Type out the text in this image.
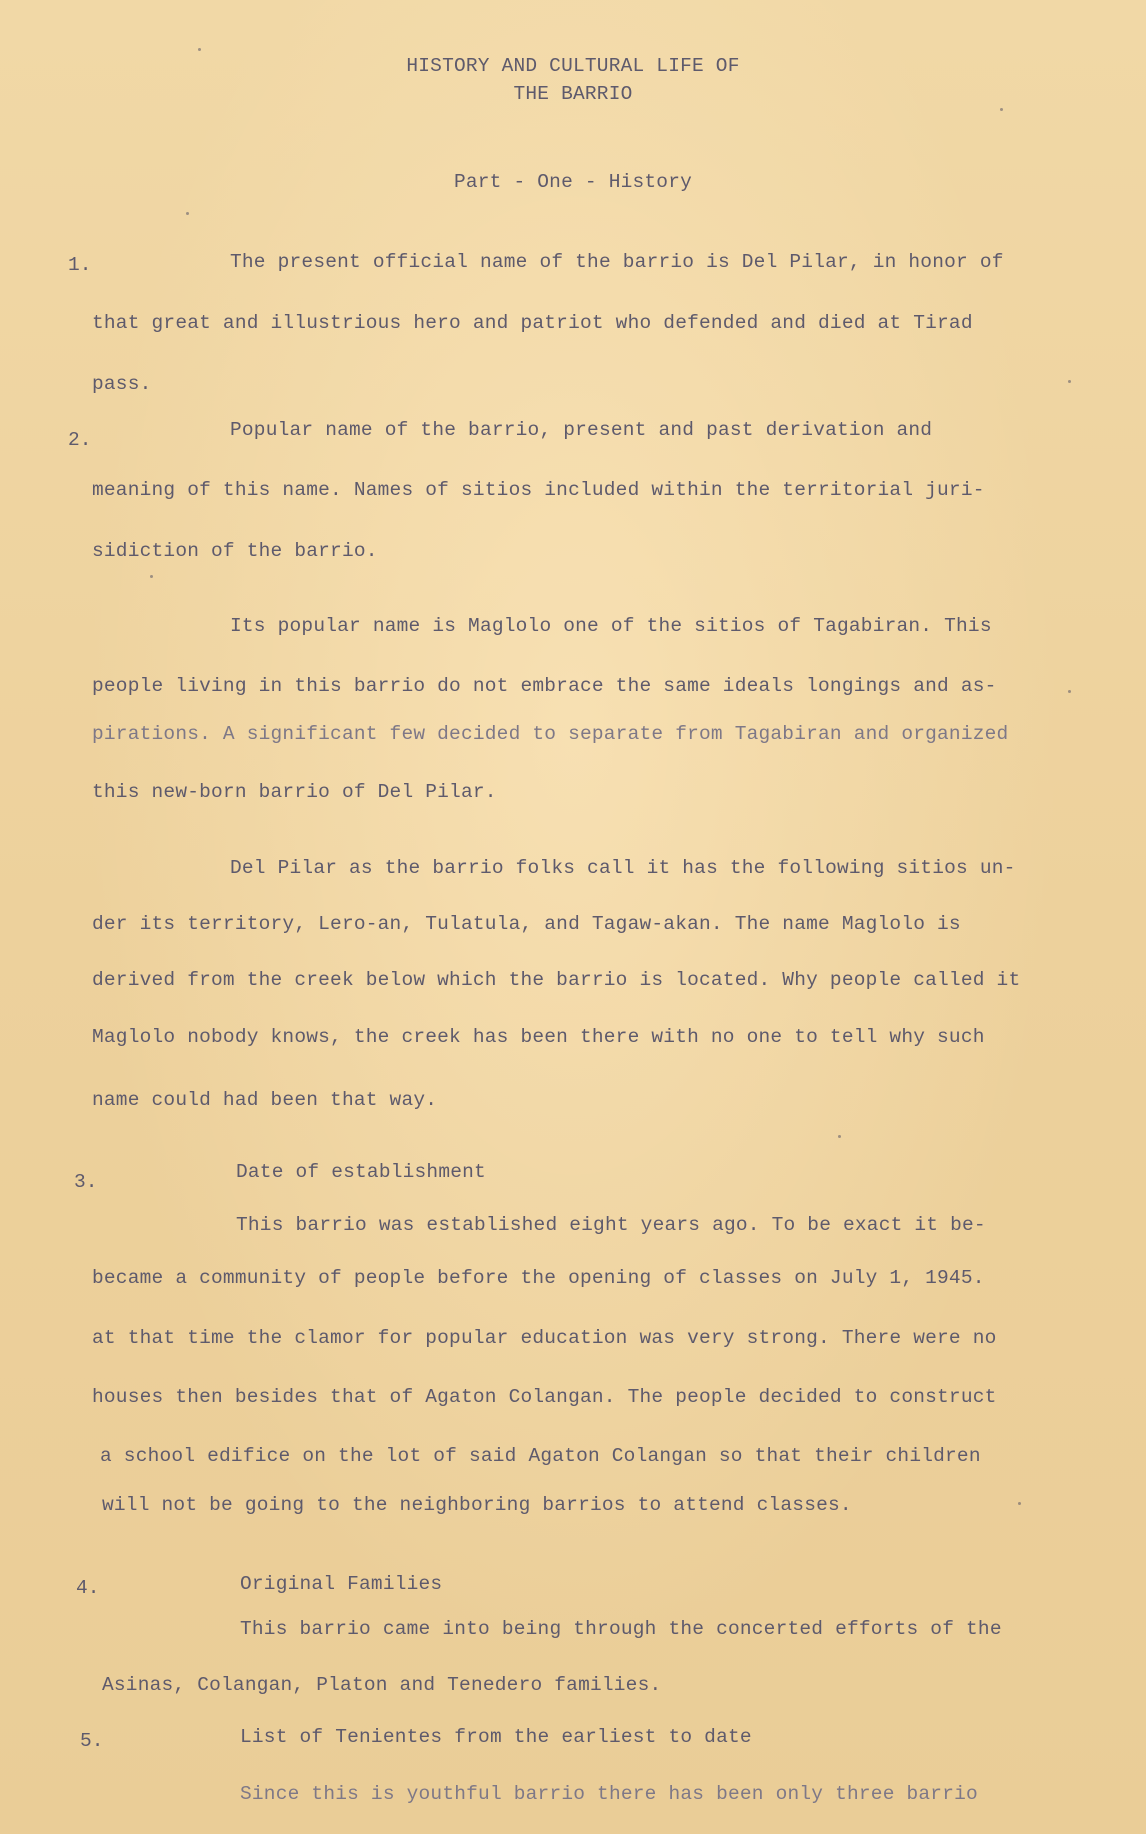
HISTORY AND CULTURAL LIFE OF
THE BARRIO
Part - One - History
1.	The present official name of the barrio is Del Pilar, in honor of
that great and illustrious hero and patriot who defended and died at Tirad
pass.
2.	Popular name of the barrio, present and past derivation and
meaning of this name. Names of sitios included within the territorial juri-
sidiction of the barrio.
Its popular name is Maglolo one of the sitios of Tagabiran. This
people living in this barrio do not embrace the same ideals longings and as-
pirations. A significant few decided to separate from Tagabiran and organized
this new-born barrio of Del Pilar.
Del Pilar as the barrio folks call it has the following sitios un-
der its territory, Lero-an, Tulatula, and Tagaw-akan. The name Maglolo is
derived from the creek below which the barrio is located. Why people called it
Maglolo nobody knows, the creek has been there with no one to tell why such
name could had been that way.
3.	Date of establishment
This barrio was established eight years ago. To be exact it be-
became a community of people before the opening of classes on July 1, 1945.
at that time the clamor for popular education was very strong. There were no
houses then besides that of Agaton Colangan. The people decided to construct
a school edifice on the lot of said Agaton Colangan so that their children
will not be going to the neighboring barrios to attend classes.
4.	Original Families
This barrio came into being through the concerted efforts of the
Asinas, Colangan, Platon and Tenedero families.
5.	List of Tenientes from the earliest to date
Since this is youthful barrio there has been only three barrio
